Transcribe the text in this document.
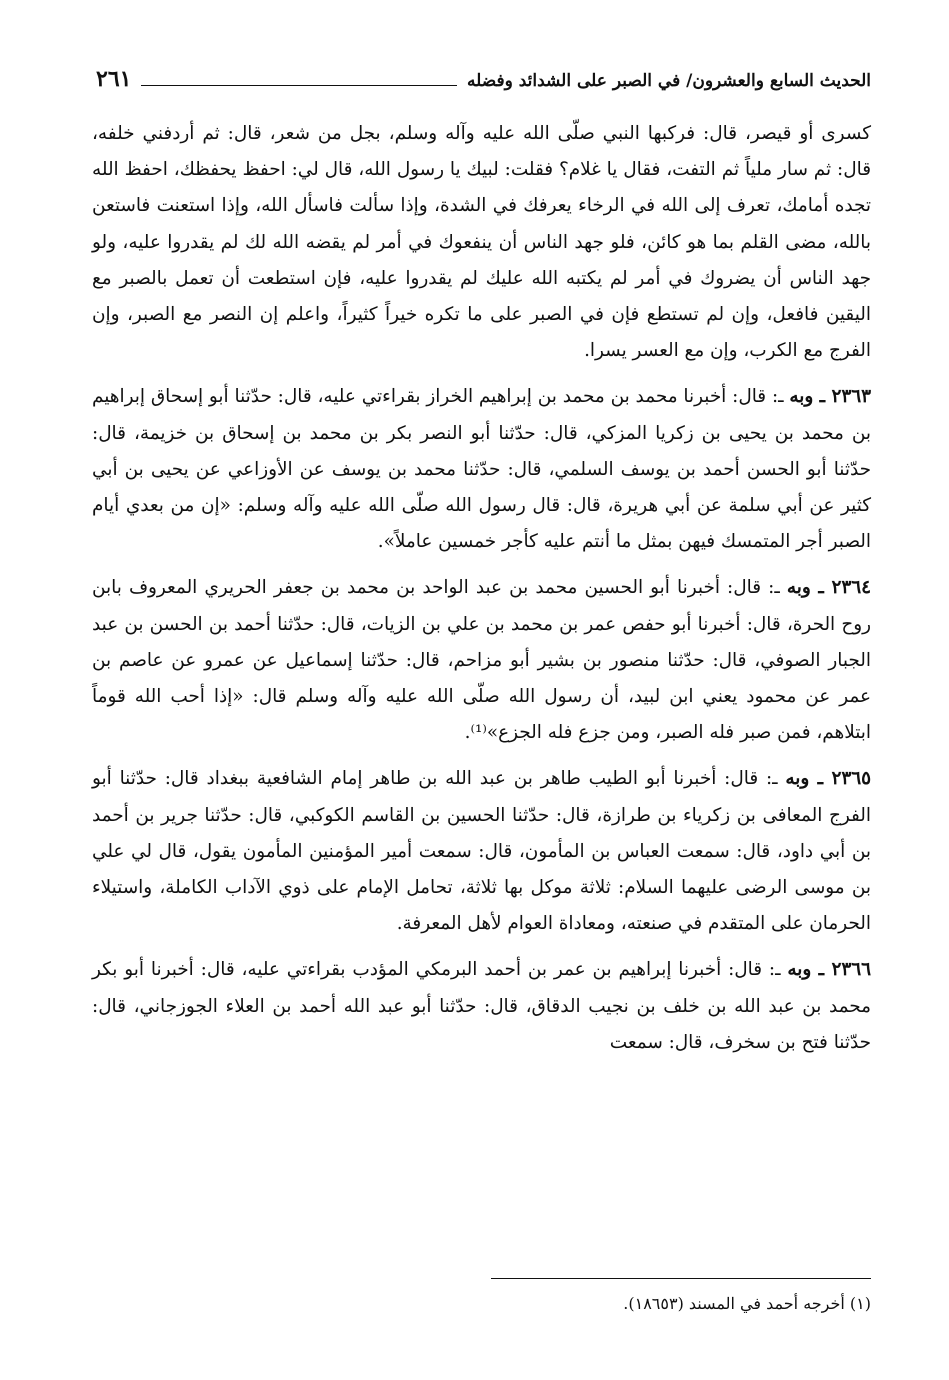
الحديث السابع والعشرون/ في الصبر على الشدائد وفضله
٢٦١

كسرى أو قيصر، قال: فركبها النبي صلّى الله عليه وآله وسلم، بجل من شعر، قال: ثم أردفني خلفه، قال: ثم سار ملياً ثم التفت، فقال يا غلام؟ فقلت: لبيك يا رسول الله، قال لي: احفظ يحفظك، احفظ الله تجده أمامك، تعرف إلى الله في الرخاء يعرفك في الشدة، وإذا سألت فاسأل الله، وإذا استعنت فاستعن بالله، مضى القلم بما هو كائن، فلو جهد الناس أن ينفعوك في أمر لم يقضه الله لك لم يقدروا عليه، ولو جهد الناس أن يضروك في أمر لم يكتبه الله عليك لم يقدروا عليه، فإن استطعت أن تعمل بالصبر مع اليقين فافعل، وإن لم تستطع فإن في الصبر على ما تكره خيراً كثيراً، واعلم إن النصر مع الصبر، وإن الفرج مع الكرب، وإن مع العسر يسرا.

٢٣٦٣ ـ وبه ـ: قال: أخبرنا محمد بن محمد بن إبراهيم الخراز بقراءتي عليه، قال: حدّثنا أبو إسحاق إبراهيم بن محمد بن يحيى بن زكريا المزكي، قال: حدّثنا أبو النصر بكر بن محمد بن إسحاق بن خزيمة، قال: حدّثنا أبو الحسن أحمد بن يوسف السلمي، قال: حدّثنا محمد بن يوسف عن الأوزاعي عن يحيى بن أبي كثير عن أبي سلمة عن أبي هريرة، قال: قال رسول الله صلّى الله عليه وآله وسلم: «إن من بعدي أيام الصبر أجر المتمسك فيهن بمثل ما أنتم عليه كأجر خمسين عاملاً».

٢٣٦٤ ـ وبه ـ: قال: أخبرنا أبو الحسين محمد بن عبد الواحد بن محمد بن جعفر الحريري المعروف بابن روح الحرة، قال: أخبرنا أبو حفص عمر بن محمد بن علي بن الزيات، قال: حدّثنا أحمد بن الحسن بن عبد الجبار الصوفي، قال: حدّثنا منصور بن بشير أبو مزاحم، قال: حدّثنا إسماعيل عن عمرو عن عاصم بن عمر عن محمود يعني ابن لبيد، أن رسول الله صلّى الله عليه وآله وسلم قال: «إذا أحب الله قوماً ابتلاهم، فمن صبر فله الصبر، ومن جزع فله الجزع»⁽¹⁾.

٢٣٦٥ ـ وبه ـ: قال: أخبرنا أبو الطيب طاهر بن عبد الله بن طاهر إمام الشافعية ببغداد قال: حدّثنا أبو الفرج المعافى بن زكرياء بن طرازة، قال: حدّثنا الحسين بن القاسم الكوكبي، قال: حدّثنا جرير بن أحمد بن أبي داود، قال: سمعت العباس بن المأمون، قال: سمعت أمير المؤمنين المأمون يقول، قال لي علي بن موسى الرضى عليهما السلام: ثلاثة موكل بها ثلاثة، تحامل الإمام على ذوي الآداب الكاملة، واستيلاء الحرمان على المتقدم في صنعته، ومعاداة العوام لأهل المعرفة.

٢٣٦٦ ـ وبه ـ: قال: أخبرنا إبراهيم بن عمر بن أحمد البرمكي المؤدب بقراءتي عليه، قال: أخبرنا أبو بكر محمد بن عبد الله بن خلف بن نجيب الدقاق، قال: حدّثنا أبو عبد الله أحمد بن العلاء الجوزجاني، قال: حدّثنا فتح بن سخرف، قال: سمعت

(١) أخرجه أحمد في المسند (١٨٦٥٣).
